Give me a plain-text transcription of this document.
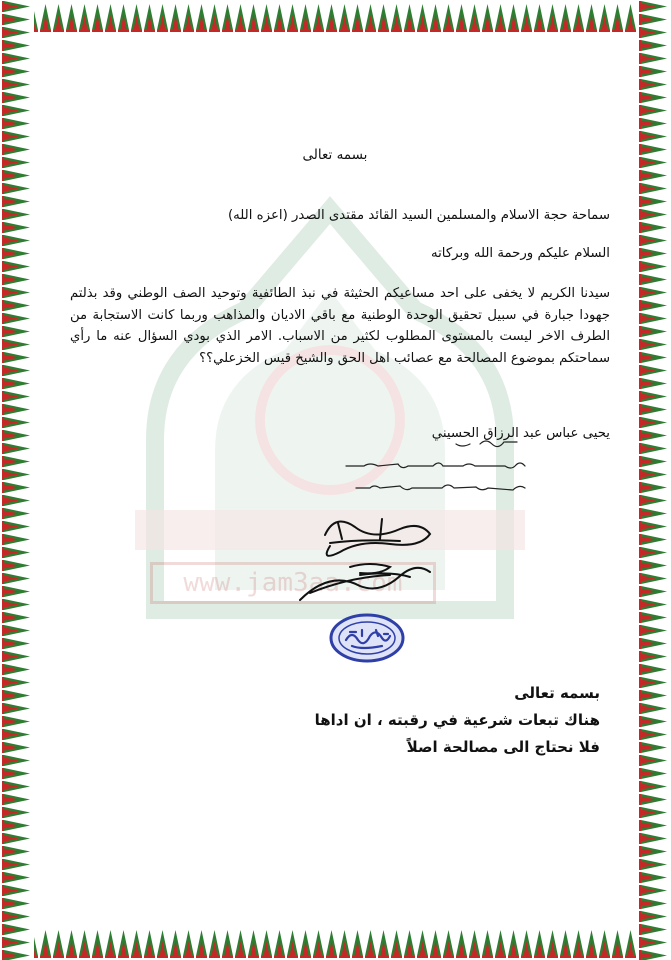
www.jam3aa.com
بسمه تعالى
سماحة حجة الاسلام والمسلمين السيد القائد مقتدى الصدر (اعزه الله)
السلام عليكم ورحمة الله وبركاته
سيدنا الكريم لا يخفى على احد مساعيكم الحثيثة في نبذ الطائفية وتوحيد الصف الوطني وقد بذلتم جهودا جبارة في سبيل تحقيق الوحدة الوطنية مع باقي الاديان والمذاهب وربما كانت الاستجابة من الطرف الاخر ليست بالمستوى المطلوب لكثير من الاسباب. الامر الذي بودي السؤال عنه ما رأي سماحتكم بموضوع المصالحة مع عصائب اهل الحق والشيخ قيس الخزعلي؟؟
يحيى عباس عبد الرزاق الحسيني
بسمه تعالى
هناك تبعات شرعية في رقبته ، ان اداها
فلا نحتاج الى مصالحة اصلاً
